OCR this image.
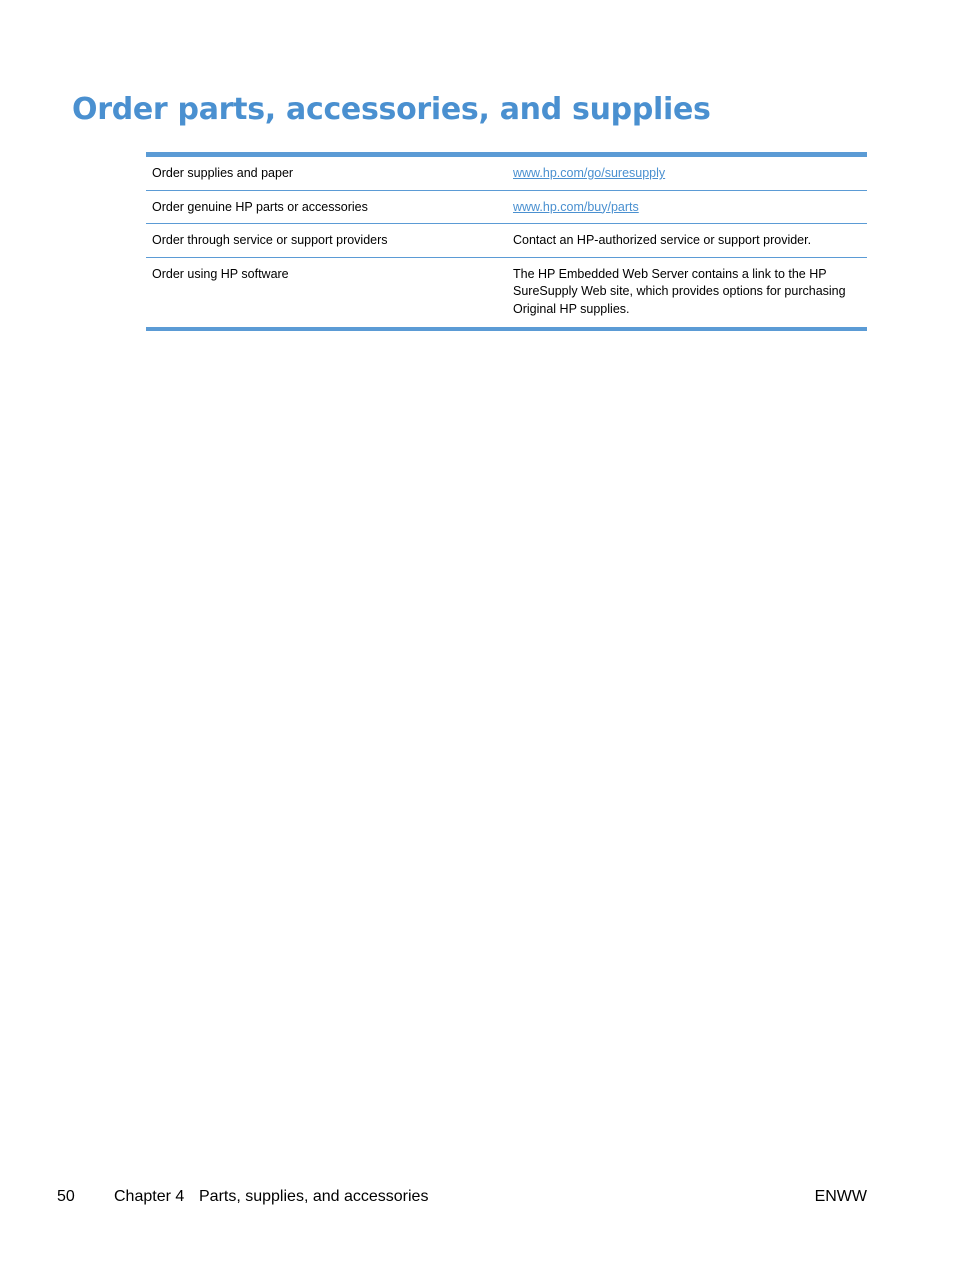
Order parts, accessories, and supplies
Order supplies and paper	www.hp.com/go/suresupply
Order genuine HP parts or accessories	www.hp.com/buy/parts
Order through service or support providers	Contact an HP-authorized service or support provider.
Order using HP software	The HP Embedded Web Server contains a link to the HP SureSupply Web site, which provides options for purchasing Original HP supplies.
50 Chapter 4 Parts, supplies, and accessories	ENWW
